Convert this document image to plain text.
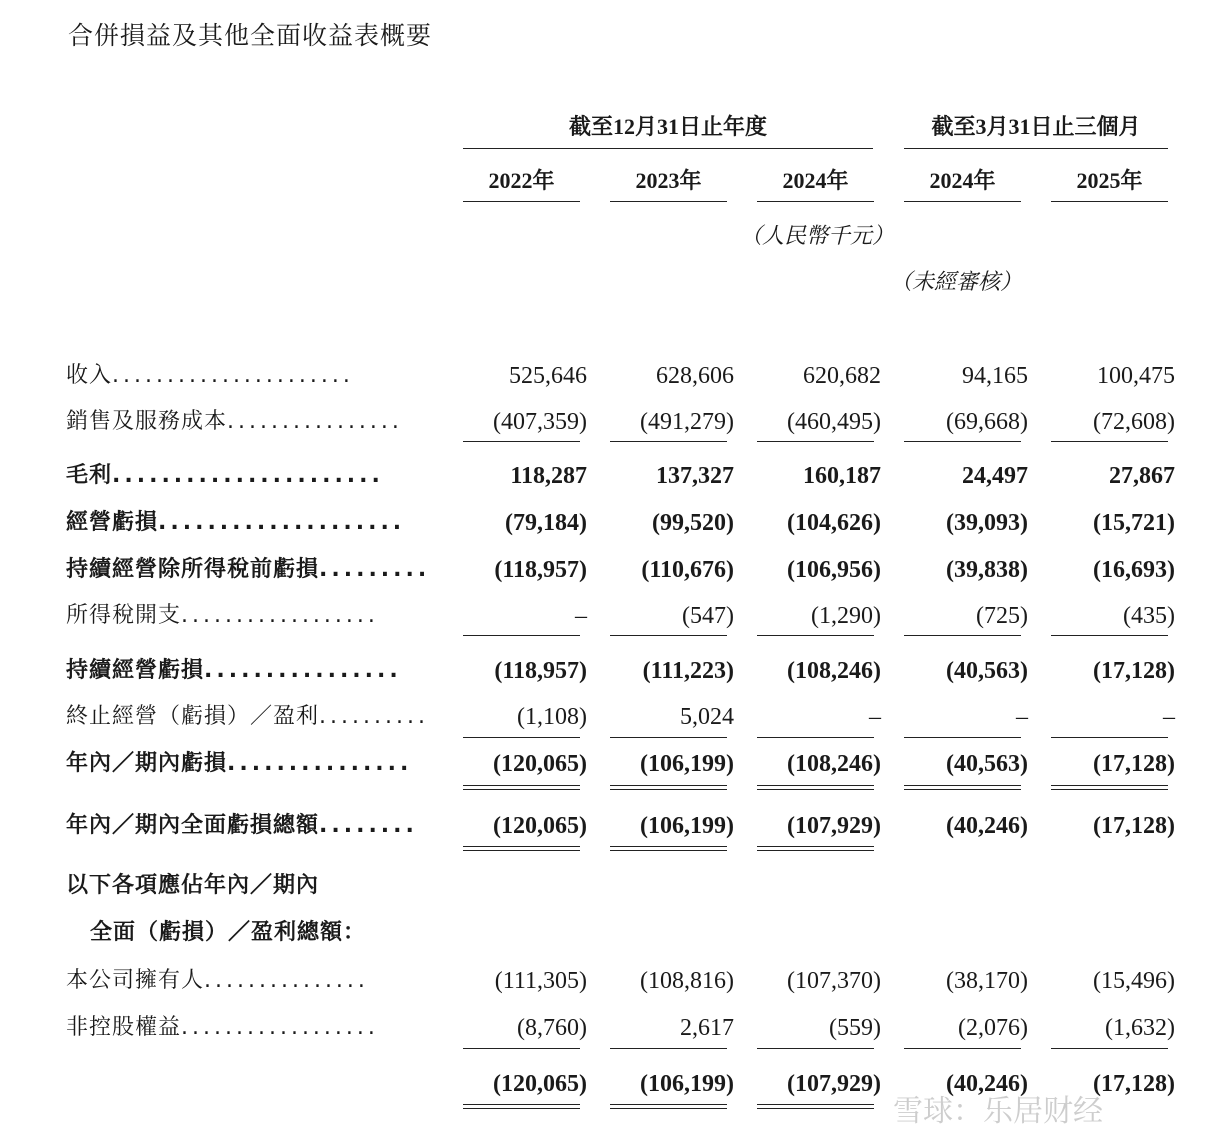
合併損益及其他全面收益表概要
截至12月31日止年度	截至3月31日止三個月
2022年	2023年	2024年	2024年	2025年
（人民幣千元）
（未經審核）
收入......................	525,646	628,606	620,682	94,165	100,475
銷售及服務成本................	(407,359)	(491,279)	(460,495)	(69,668)	(72,608)
毛利......................	118,287	137,327	160,187	24,497	27,867
經營虧損....................	(79,184)	(99,520)	(104,626)	(39,093)	(15,721)
持續經營除所得稅前虧損.........	(118,957)	(110,676)	(106,956)	(39,838)	(16,693)
所得稅開支..................	–	(547)	(1,290)	(725)	(435)
持續經營虧損................	(118,957)	(111,223)	(108,246)	(40,563)	(17,128)
終止經營（虧損）／盈利..........	(1,108)	5,024	–	–	–
年內／期內虧損...............	(120,065)	(106,199)	(108,246)	(40,563)	(17,128)
年內／期內全面虧損總額........	(120,065)	(106,199)	(107,929)	(40,246)	(17,128)
以下各項應佔年內／期內
全面（虧損）／盈利總額：
本公司擁有人...............	(111,305)	(108,816)	(107,370)	(38,170)	(15,496)
非控股權益..................	(8,760)	2,617	(559)	(2,076)	(1,632)
(120,065)	(106,199)	(107,929)	(40,246)	(17,128)
雪球：乐居财经
